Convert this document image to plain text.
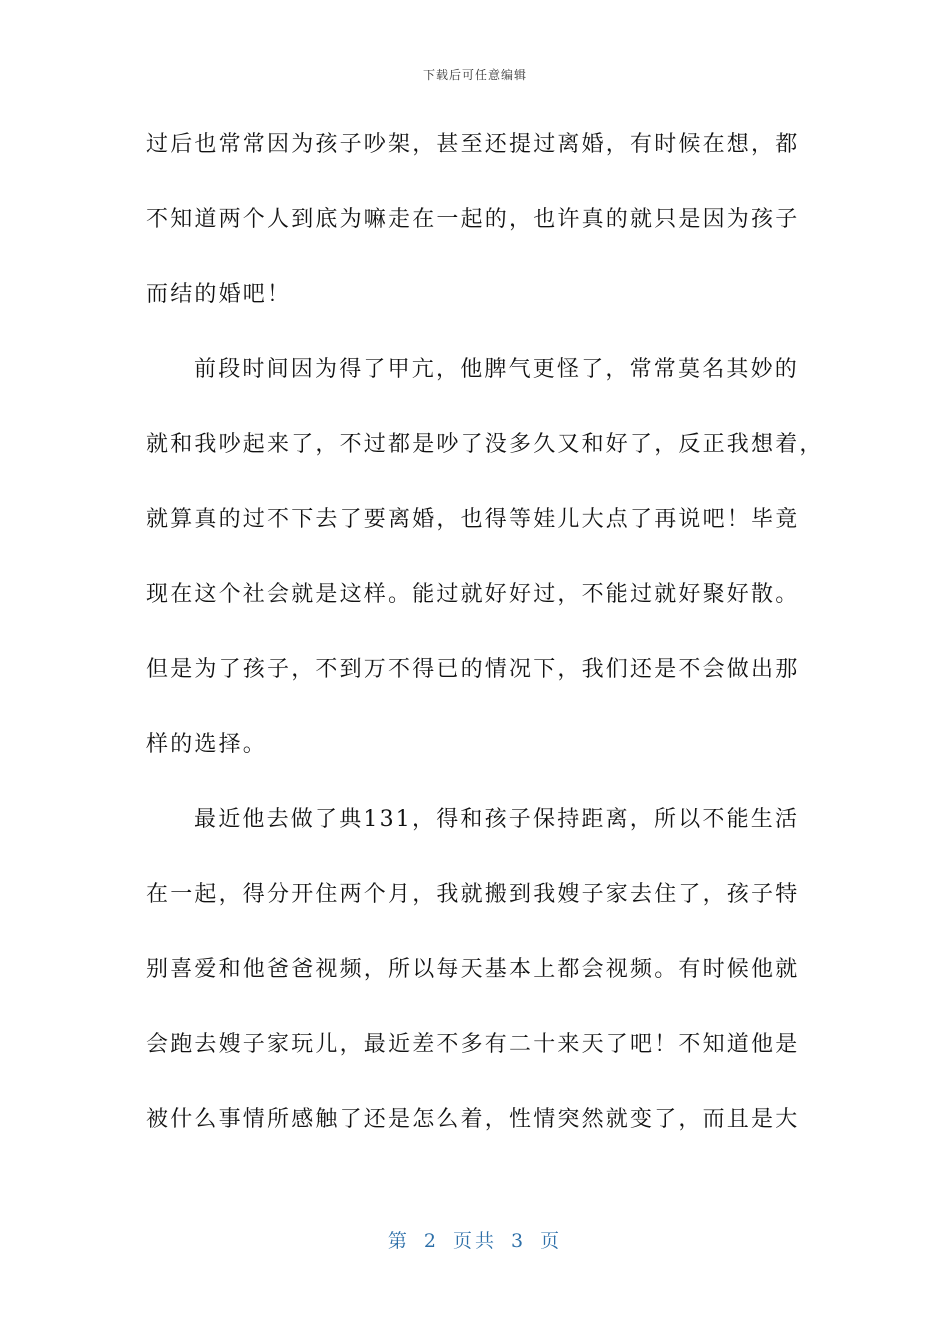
下载后可任意编辑
过后也常常因为孩子吵架，甚至还提过离婚，有时候在想，都
不知道两个人到底为嘛走在一起的，也许真的就只是因为孩子
而结的婚吧！
前段时间因为得了甲亢，他脾气更怪了，常常莫名其妙的
就和我吵起来了，不过都是吵了没多久又和好了，反正我想着，
就算真的过不下去了要离婚，也得等娃儿大点了再说吧！毕竟
现在这个社会就是这样。能过就好好过，不能过就好聚好散。
但是为了孩子，不到万不得已的情况下，我们还是不会做出那
样的选择。
最近他去做了典131，得和孩子保持距离，所以不能生活
在一起，得分开住两个月，我就搬到我嫂子家去住了，孩子特
别喜爱和他爸爸视频，所以每天基本上都会视频。有时候他就
会跑去嫂子家玩儿，最近差不多有二十来天了吧！不知道他是
被什么事情所感触了还是怎么着，性情突然就变了，而且是大
第 2 页共 3 页
